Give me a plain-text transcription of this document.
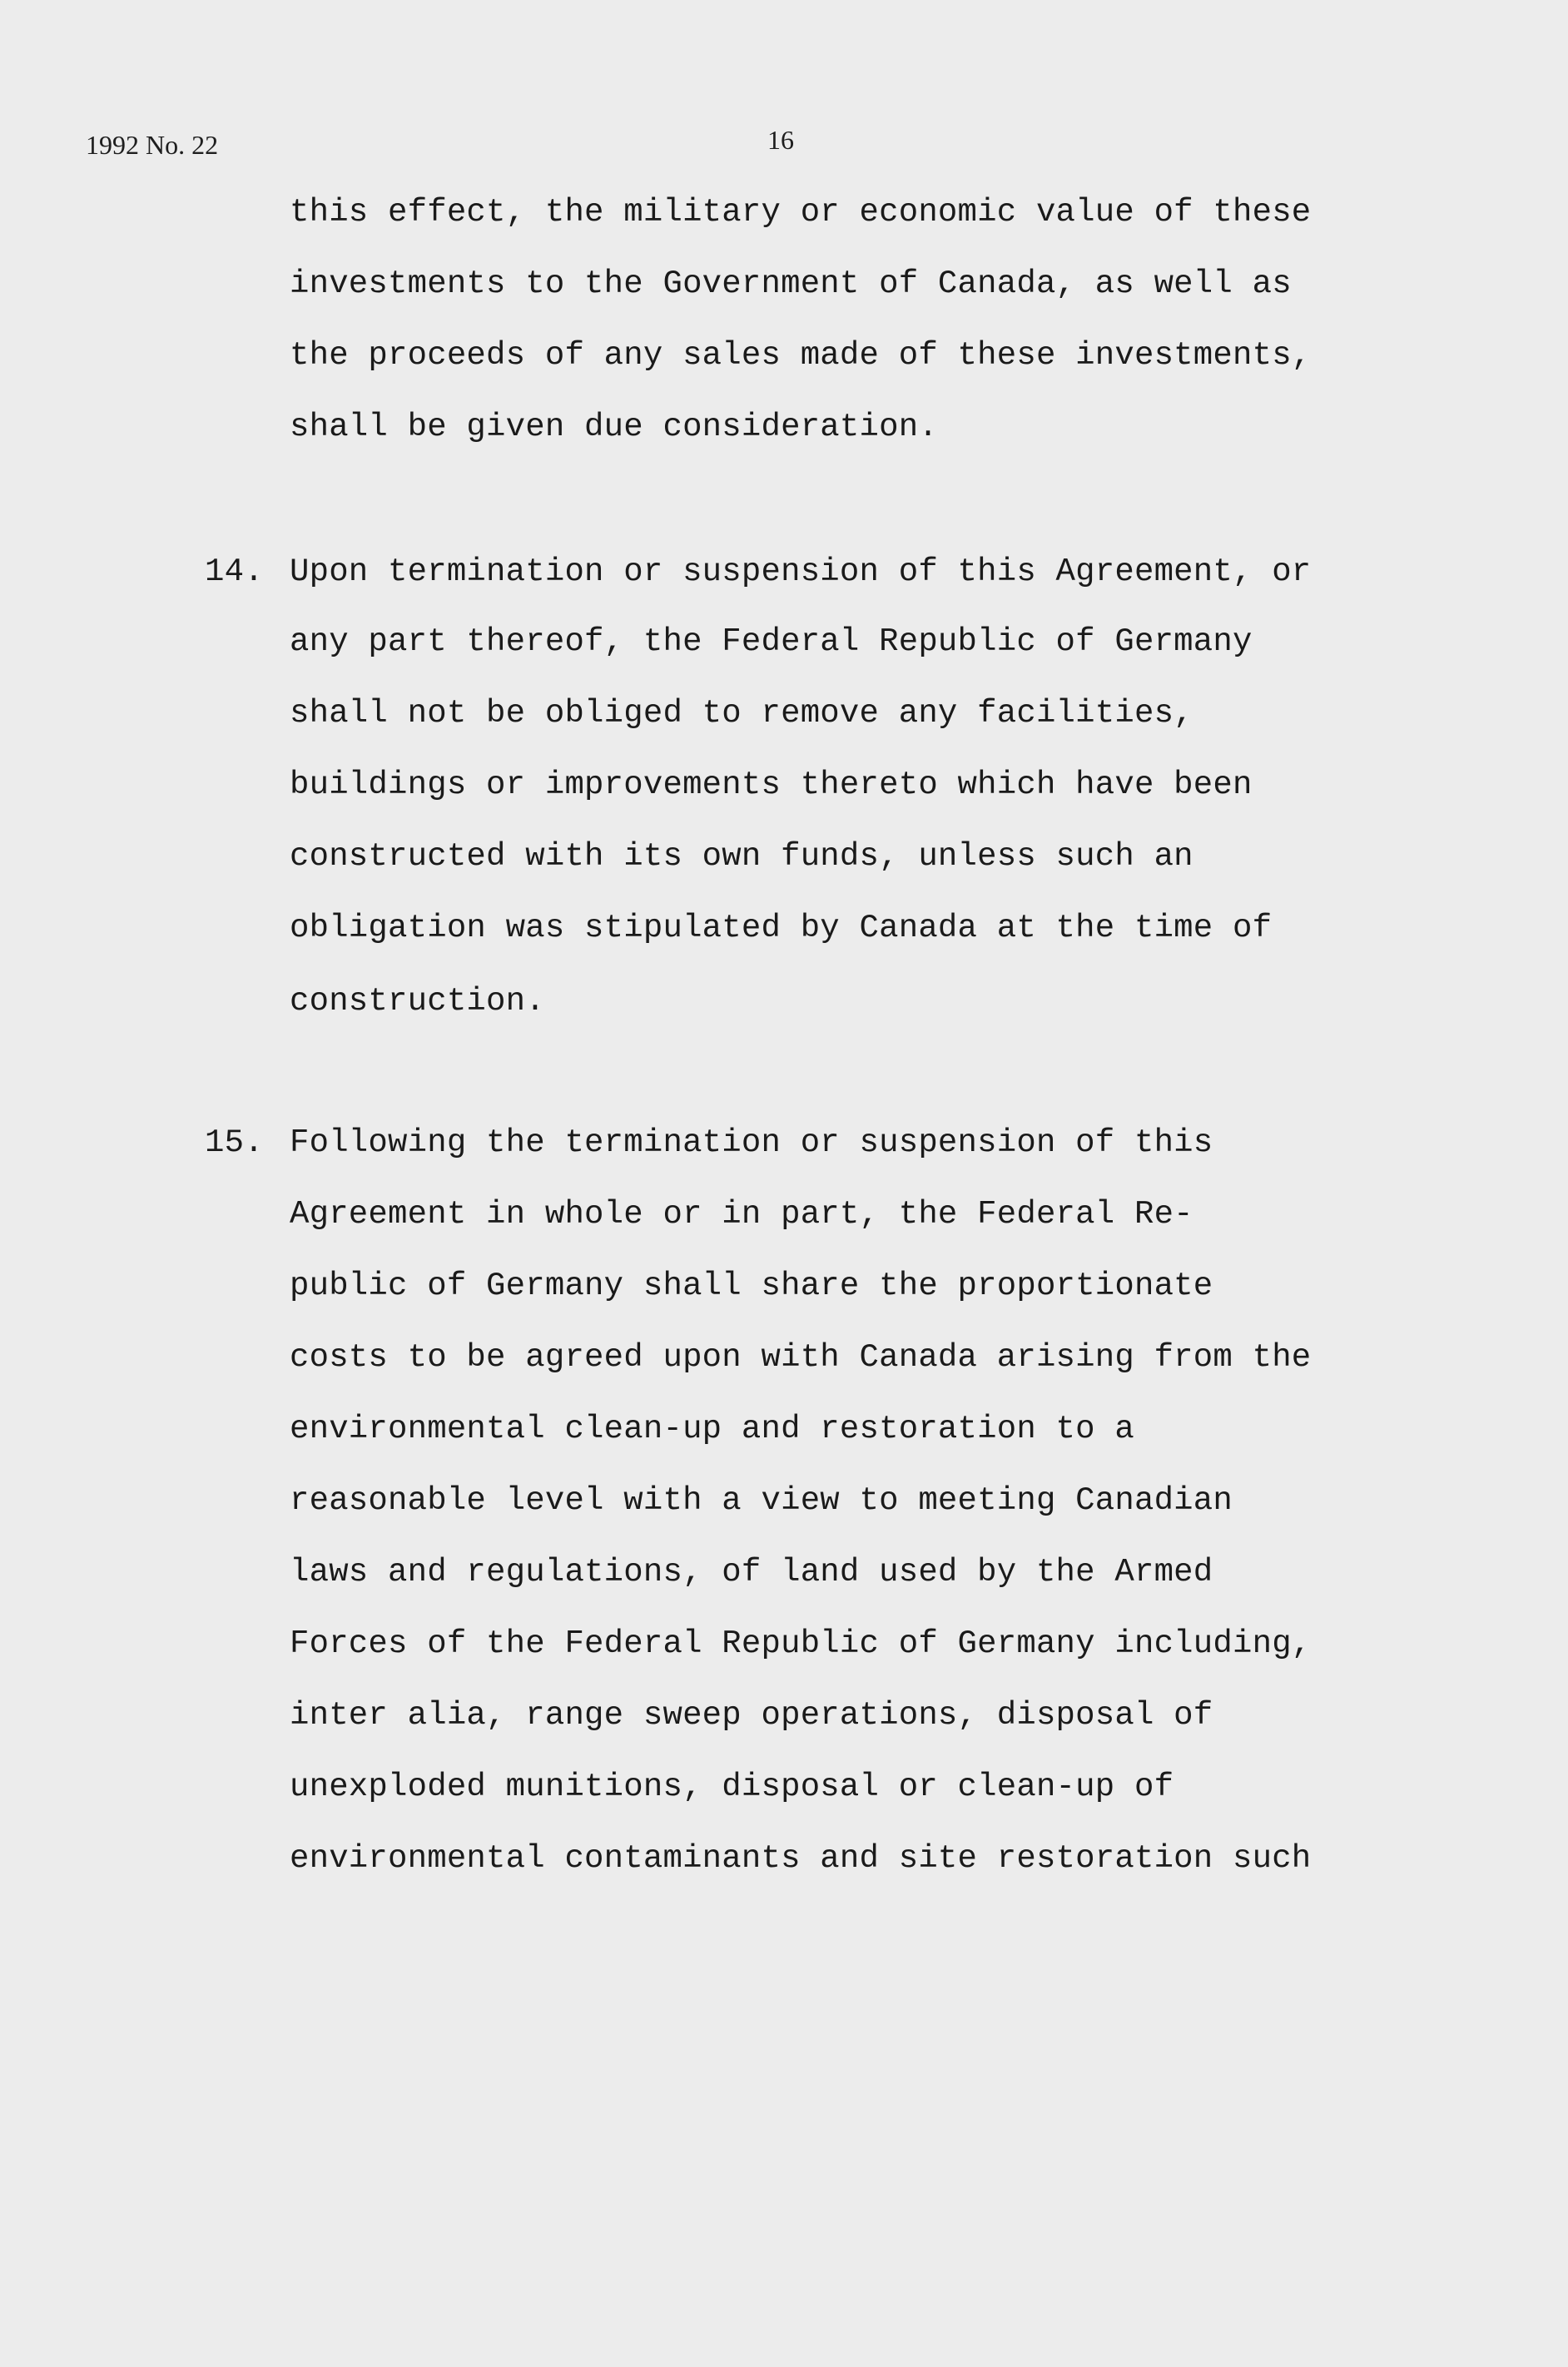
1992 No. 22	16
this effect, the military or economic value of these
investments to the Government of Canada, as well as
the proceeds of any sales made of these investments,
shall be given due consideration.
14. Upon termination or suspension of this Agreement, or
any part thereof, the Federal Republic of Germany
shall not be obliged to remove any facilities,
buildings or improvements thereto which have been
constructed with its own funds, unless such an
obligation was stipulated by Canada at the time of
construction.
15. Following the termination or suspension of this
Agreement in whole or in part, the Federal Re-
public of Germany shall share the proportionate
costs to be agreed upon with Canada arising from the
environmental clean-up and restoration to a
reasonable level with a view to meeting Canadian
laws and regulations, of land used by the Armed
Forces of the Federal Republic of Germany including,
inter alia, range sweep operations, disposal of
unexploded munitions, disposal or clean-up of
environmental contaminants and site restoration such
